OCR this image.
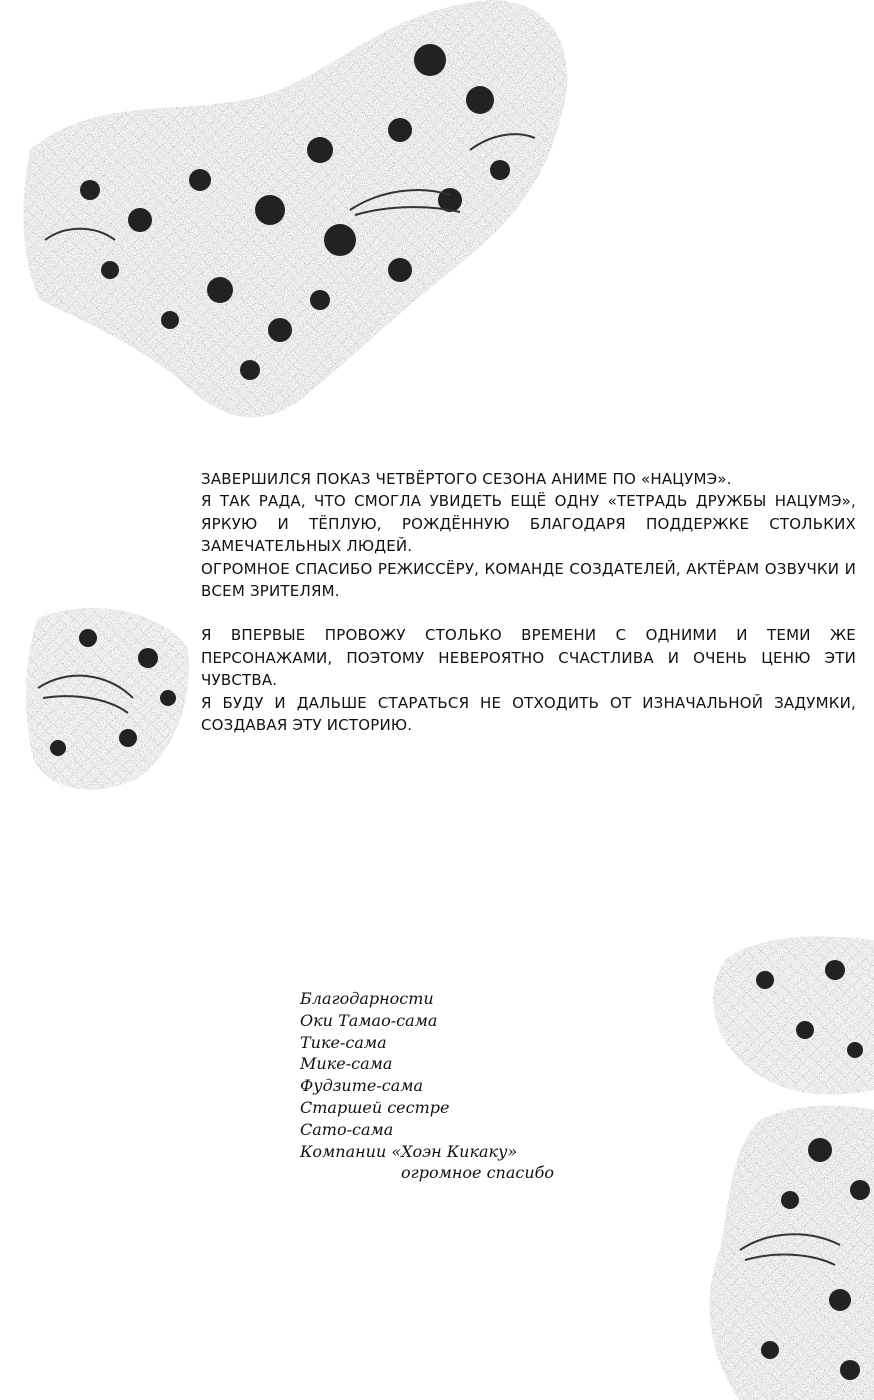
ЗАВЕРШИЛСЯ ПОКАЗ ЧЕТВЁРТОГО СЕЗОНА АНИМЕ ПО «НАЦУМЭ».

Я ТАК РАДА, ЧТО СМОГЛА УВИДЕТЬ ЕЩЁ ОДНУ «ТЕТРАДЬ ДРУЖБЫ НАЦУМЭ», ЯРКУЮ И ТЁПЛУЮ, РОЖДЁННУЮ БЛАГОДАРЯ ПОДДЕРЖКЕ СТОЛЬКИХ ЗАМЕЧАТЕЛЬНЫХ ЛЮДЕЙ.

ОГРОМНОЕ СПАСИБО РЕЖИССЁРУ, КОМАНДЕ СОЗДАТЕЛЕЙ, АКТЁРАМ ОЗВУЧКИ И ВСЕМ ЗРИТЕЛЯМ.

Я ВПЕРВЫЕ ПРОВОЖУ СТОЛЬКО ВРЕМЕНИ С ОДНИМИ И ТЕМИ ЖЕ ПЕРСОНАЖАМИ, ПОЭТОМУ НЕВЕРОЯТНО СЧАСТЛИВА И ОЧЕНЬ ЦЕНЮ ЭТИ ЧУВСТВА.

Я БУДУ И ДАЛЬШЕ СТАРАТЬСЯ НЕ ОТХОДИТЬ ОТ ИЗНАЧАЛЬНОЙ ЗАДУМКИ, СОЗДАВАЯ ЭТУ ИСТОРИЮ.

Благодарности
Оки Тамао-сама
Тике-сама
Мике-сама
Фудзите-сама
Старшей сестре
Сато-сама
Компании «Хоэн Кикаку»
огромное спасибо
